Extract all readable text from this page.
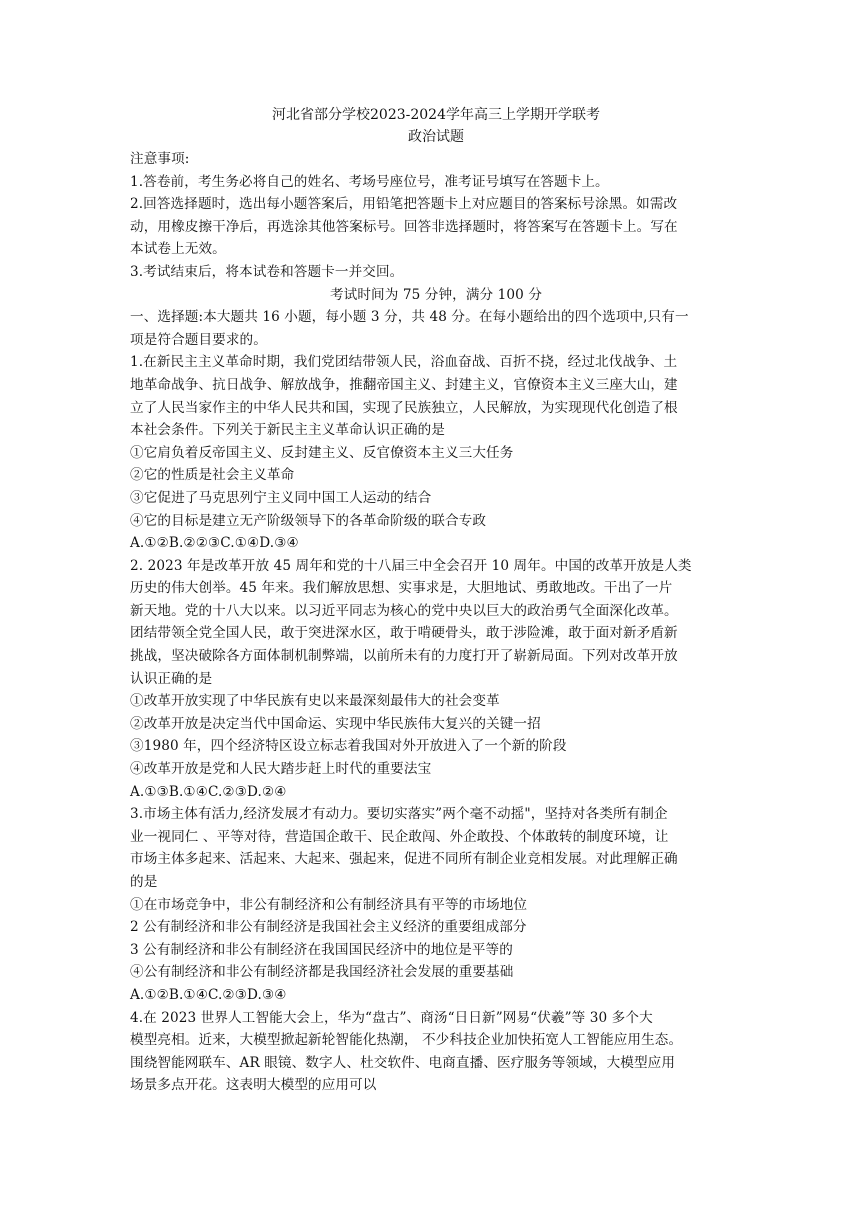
河北省部分学校2023-2024学年高三上学期开学联考
政治试题
注意事项:
1.答卷前，考生务必将自己的姓名、考场号座位号，准考证号填写在答题卡上。
2.回答选择题时，选出每小题答案后，用铅笔把答题卡上对应题目的答案标号涂黑。如需改
动，用橡皮擦干净后，再选涂其他答案标号。回答非选择题时，将答案写在答题卡上。写在
本试卷上无效。
3.考试结束后，将本试卷和答题卡一并交回。
考试时间为 75 分钟，满分 100 分
一、选择题:本大题共 16 小题，每小题 3 分，共 48 分。在每小题给出的四个选项中,只有一
项是符合题目要求的。
1.在新民主主义革命时期，我们党团结带领人民，浴血奋战、百折不挠，经过北伐战争、土
地革命战争、抗日战争、解放战争，推翻帝国主义、封建主义，官僚资本主义三座大山，建
立了人民当家作主的中华人民共和国，实现了民族独立，人民解放，为实现现代化创造了根
本社会条件。下列关于新民主主义革命认识正确的是
①它肩负着反帝国主义、反封建主义、反官僚资本主义三大任务
②它的性质是社会主义革命
③它促进了马克思列宁主义同中国工人运动的结合
④它的目标是建立无产阶级领导下的各革命阶级的联合专政
A.①②B.②②③C.①④D.③④
2. 2023 年是改革开放 45 周年和党的十八届三中全会召开 10 周年。中国的改革开放是人类
历史的伟大创举。45 年来。我们解放思想、实事求是，大胆地试、勇敢地改。干出了一片
新天地。党的十八大以来。以习近平同志为核心的党中央以巨大的政治勇气全面深化改革。
团结带领全党全国人民，敢于突进深水区，敢于啃硬骨头，敢于涉险滩，敢于面对新矛盾新
挑战，坚决破除各方面体制机制弊端，以前所未有的力度打开了崭新局面。下列对改革开放
认识正确的是
①改革开放实现了中华民族有史以来最深刻最伟大的社会变革
②改革开放是决定当代中国命运、实现中华民族伟大复兴的关键一招
③1980 年，四个经济特区设立标志着我国对外开放进入了一个新的阶段
④改革开放是党和人民大踏步赶上时代的重要法宝
A.①③B.①④C.②③D.②④
3.市场主体有活力,经济发展才有动力。要切实落实”两个毫不动摇"，坚持对各类所有制企
业一视同仁 、平等对待，营造国企敢干、民企敢闯、外企敢投、个体敢转的制度环境，让
市场主体多起来、活起来、大起来、强起来，促进不同所有制企业竞相发展。对此理解正确
的是
①在市场竞争中，非公有制经济和公有制经济具有平等的市场地位
2 公有制经济和非公有制经济是我国社会主义经济的重要组成部分
3 公有制经济和非公有制经济在我国国民经济中的地位是平等的
④公有制经济和非公有制经济都是我国经济社会发展的重要基础
A.①②B.①④C.②③D.③④
4.在 2023 世界人工智能大会上，华为“盘古”、商汤“日日新”网易“伏羲”等 30 多个大
模型亮相。近来，大模型掀起新轮智能化热潮， 不少科技企业加快拓宽人工智能应用生态。
围绕智能网联车、AR 眼镜、数字人、杜交软件、电商直播、医疗服务等领域，大模型应用
场景多点开花。这表明大模型的应用可以
